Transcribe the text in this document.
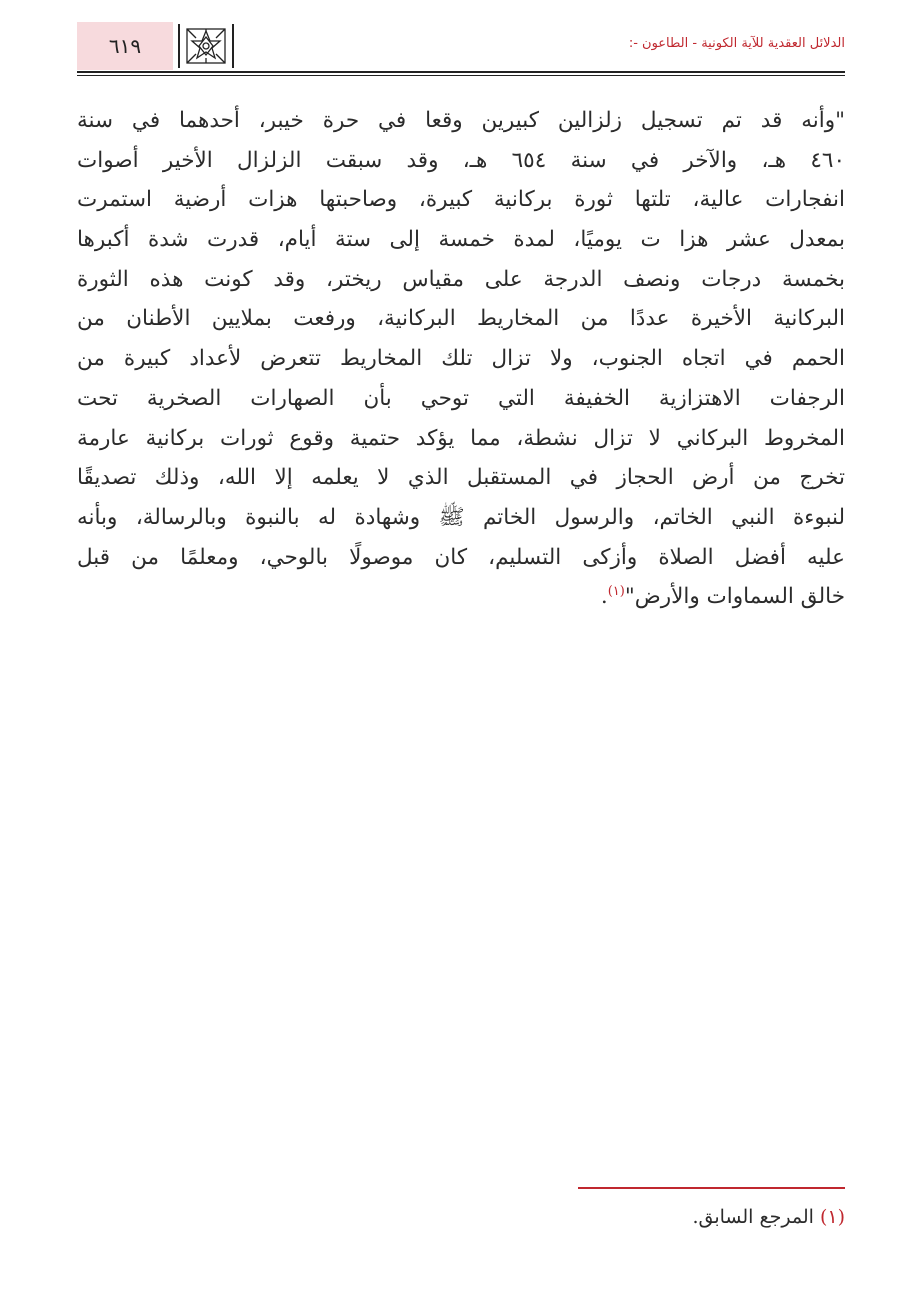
٦١٩	الدلائل العقدية للآية الكونية - الطاعون -:
"وأنه قد تم تسجيل زلزالين كبيرين وقعا في حرة خيبر، أحدهما في سنة
٤٦٠ هـ، والآخر في سنة ٦٥٤ هـ، وقد سبقت الزلزال الأخير أصوات
انفجارات عالية، تلتها ثورة بركانية كبيرة، وصاحبتها هزات أرضية استمرت
بمعدل عشر هزا ت يوميًا، لمدة خمسة إلى ستة أيام، قدرت شدة أكبرها
بخمسة درجات ونصف الدرجة على مقياس ريختر، وقد كونت هذه الثورة
البركانية الأخيرة عددًا من المخاريط البركانية، ورفعت بملايين الأطنان من
الحمم في اتجاه الجنوب، ولا تزال تلك المخاريط تتعرض لأعداد كبيرة من
الرجفات الاهتزازية الخفيفة التي توحي بأن الصهارات الصخرية تحت
المخروط البركاني لا تزال نشطة، مما يؤكد حتمية وقوع ثورات بركانية عارمة
تخرج من أرض الحجاز في المستقبل الذي لا يعلمه إلا الله، وذلك تصديقًا
لنبوءة النبي الخاتم، والرسول الخاتم ﷺ وشهادة له بالنبوة وبالرسالة، وبأنه
عليه أفضل الصلاة وأزكى التسليم، كان موصولًا بالوحي، ومعلمًا من قبل
خالق السماوات والأرض"$^{(١)}$.
(١) المرجع السابق.
